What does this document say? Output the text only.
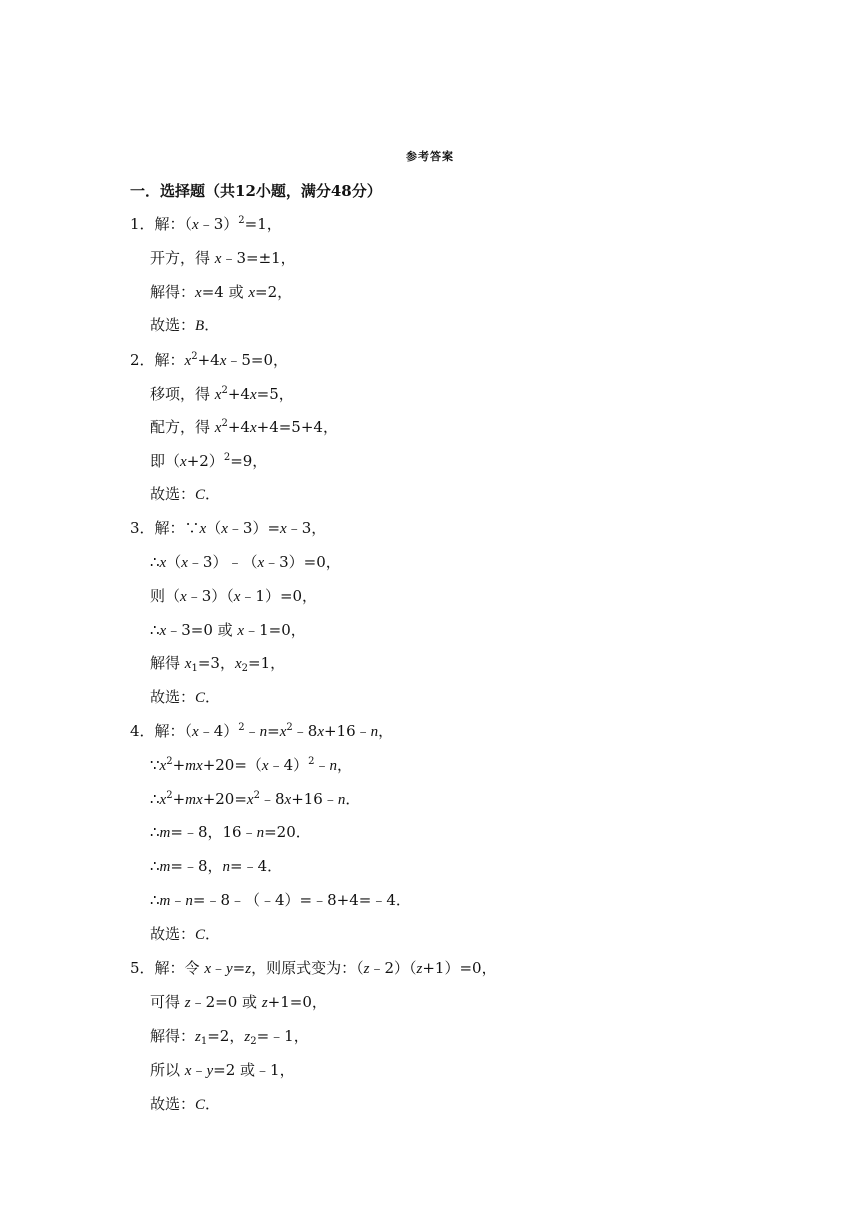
参考答案
一．选择题（共12小题，满分48分）
1．解：（x﹣3）$^2$=1，
开方，得 x﹣3=±1，
解得：x=4 或 x=2，
故选：B．
2．解：$x^2+4x﹣5=0$，
移项，得 $x^2+4x=5$，
配方，得 $x^2+4x+4=5+4$，
即$(x+2)^2=9$，
故选：C．
3．解：∵x（x﹣3）=x﹣3，
∴x（x﹣3）﹣（x﹣3）=0，
则（x﹣3）（x﹣1）=0，
∴x﹣3=0 或 x﹣1=0，
解得 $x_1=3$，$x_2=1$，
故选：C．
4．解：$(x﹣4)^2﹣n=x^2﹣8x+16﹣n$，
$\because x^2+mx+20=(x﹣4)^2﹣n$，
$\therefore x^2+mx+20=x^2﹣8x+16﹣n$．
∴m=﹣8，16﹣n=20．
∴m=﹣8，n=﹣4．
∴m﹣n=﹣8﹣（﹣4）=﹣8+4=﹣4．
故选：C．
5．解：令 x﹣y=z，则原式变为：（z﹣2）（z+1）=0，
可得 z﹣2=0 或 z+1=0，
解得：$z_1=2$，$z_2=﹣1$，
所以 x﹣y=2 或﹣1，
故选：C．
